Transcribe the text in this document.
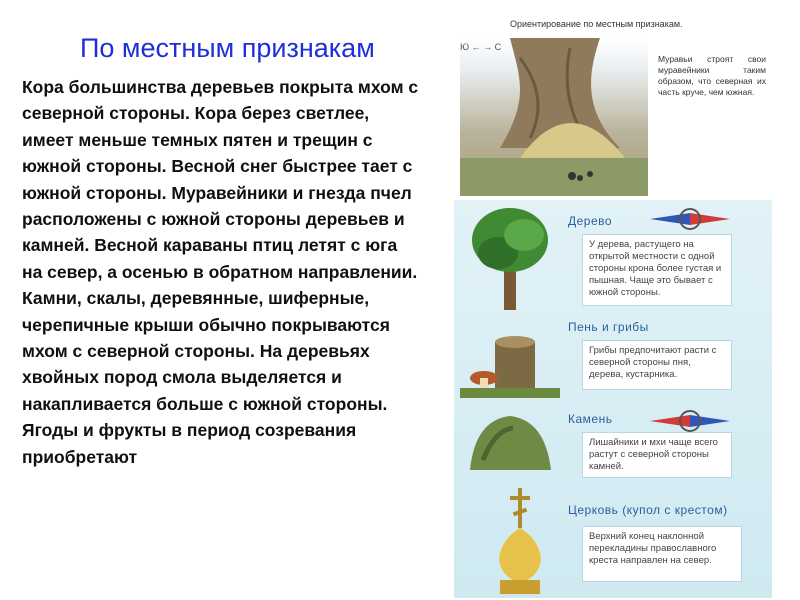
По местным признакам
Кора большинства деревьев покрыта мхом с северной стороны. Кора берез светлее, имеет меньше темных пятен и трещин с южной стороны. Весной снег быстрее тает с южной стороны. Муравейники и гнезда пчел расположены с южной стороны деревьев и камней. Весной караваны птиц летят с юга на север, а осенью в обратном направлении. Камни, скалы, деревянные, шиферные, черепичные крыши обычно покрываются мхом с северной стороны. На деревьях хвойных пород смола выделяется и накапливается больше с южной стороны. Ягоды и фрукты в период созревания приобретают
Ориентирование по местным признакам.
Ю ← → С
Муравьи строят свои муравейники таким образом, что северная их часть круче, чем южная.
Дерево
У дерева, растущего на открытой местности с одной стороны крона более густая и пышная. Чаще это бывает с южной стороны.
Пень и грибы
Грибы предпочитают расти с северной стороны пня, дерева, кустарника.
Камень
Лишайники и мхи чаще всего растут с северной стороны камней.
Церковь (купол с крестом)
Верхний конец наклонной перекладины православного креста направлен на север.
